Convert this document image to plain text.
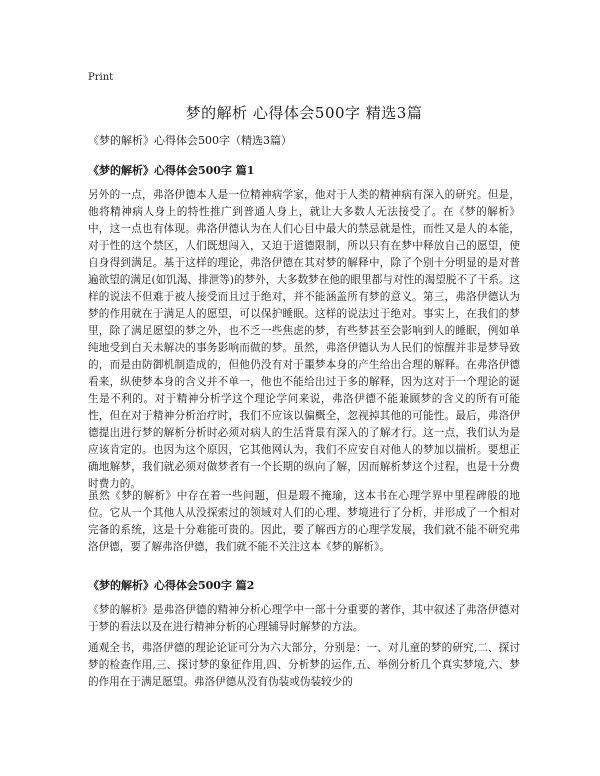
Print
梦的解析 心得体会500字 精选3篇
《梦的解析》心得体会500字（精选3篇）
《梦的解析》心得体会500字 篇1

另外的一点，弗洛伊德本人是一位精神病学家，他对于人类的精神病有深入的研究。但是，他将精神病人身上的特性推广到普通人身上，就让大多数人无法接受了。在《梦的解析》中，这一点也有体现。弗洛伊德认为在人们心目中最大的禁忌就是性，而性又是人的本能，对于性的这个禁区，人们既想闯入，又迫于道德限制，所以只有在梦中释放自己的愿望，使自身得到满足。基于这样的理论，弗洛伊德在其对梦的解释中，除了个别十分明显的是对普遍欲望的满足(如饥渴、排泄等)的梦外，大多数梦在他的眼里都与对性的渴望脱不了干系。这样的说法不但难于被人接受而且过于绝对，并不能涵盖所有梦的意义。第三，弗洛伊德认为梦的作用就在于满足人的愿望，可以保护睡眠。这样的说法过于绝对。事实上，在我们的梦里，除了满足愿望的梦之外，也不乏一些焦虑的梦，有些梦甚至会影响到人的睡眠，例如单纯地受到白天未解决的事务影响而做的梦。虽然，弗洛伊德认为人民们的惊醒并非是梦导致的，而是由防御机制造成的，但他仍没有对于噩梦本身的产生给出合理的解释。在弗洛伊德看来，纵使梦本身的含义并不单一，他也不能给出过于多的解释，因为这对于一个理论的诞生是不利的。对于精神分析学这个理论学问来说，弗洛伊德不能兼顾梦的含义的所有可能性，但在对于精神分析治疗时，我们不应该以偏概全，忽视掉其他的可能性。最后，弗洛伊德提出进行梦的解析分析时必须对病人的生活背景有深入的了解才行。这一点，我们认为是应该肯定的。也因为这个原因，它其他网认为，我们不应安自对他人的梦加以揣析。要想正确地解梦，我们就必须对做梦者有一个长期的纵向了解，因而解析梦这个过程，也是十分费时费力的。

虽然《梦的解析》中存在着一些问题，但是瑕不掩瑜，这本书在心理学界中里程碑般的地位。它从一个其他人从没探索过的领域对人们的心理、梦境进行了分析，并形成了一个相对完备的系统，这是十分难能可贵的。因此，要了解西方的心理学发展，我们就不能不研究弗洛伊德，要了解弗洛伊德，我们就不能不关注这本《梦的解析》。

《梦的解析》心得体会500字 篇2

《梦的解析》是弗洛伊德的精神分析心理学中一部十分重要的著作，其中叙述了弗洛伊德对于梦的看法以及在进行精神分析的心理辅导时解梦的方法。

通观全书，弗洛伊德的理论论证可分为六大部分，分别是：一、对儿童的梦的研究,二、探讨梦的检查作用,三、探讨梦的象征作用,四、分析梦的运作,五、举例分析几个真实梦境,六、梦的作用在于满足愿望。弗洛伊德从没有伪装或伪装较少的
